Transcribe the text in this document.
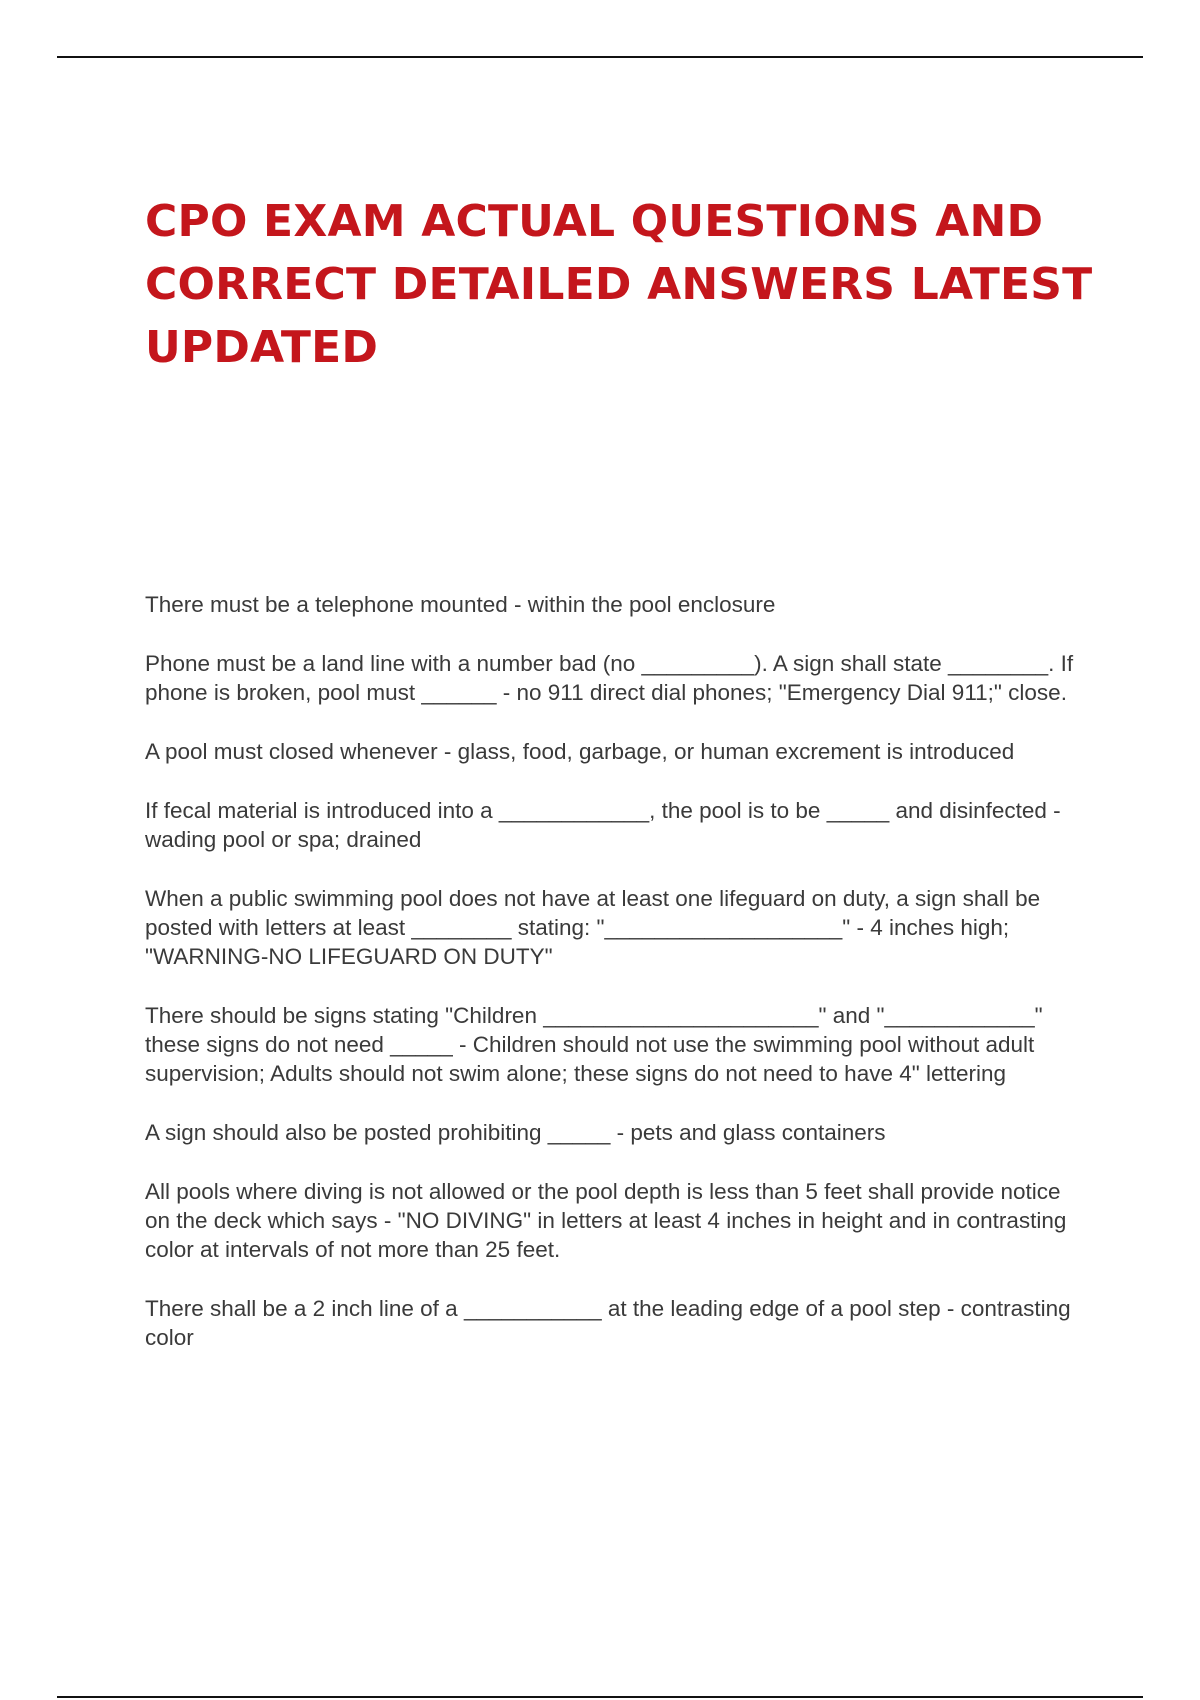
CPO EXAM ACTUAL QUESTIONS AND CORRECT DETAILED ANSWERS LATEST UPDATED
There must be a telephone mounted - within the pool enclosure
Phone must be a land line with a number bad (no _________). A sign shall state ________. If phone is broken, pool must ______ - no 911 direct dial phones; "Emergency Dial 911;" close.
A pool must closed whenever - glass, food, garbage, or human excrement is introduced
If fecal material is introduced into a ____________, the pool is to be _____ and disinfected - wading pool or spa; drained
When a public swimming pool does not have at least one lifeguard on duty, a sign shall be posted with letters at least ________ stating: "___________________" - 4 inches high; "WARNING-NO LIFEGUARD ON DUTY"
There should be signs stating "Children ______________________" and "____________" these signs do not need _____ - Children should not use the swimming pool without adult supervision; Adults should not swim alone; these signs do not need to have 4" lettering
A sign should also be posted prohibiting _____ - pets and glass containers
All pools where diving is not allowed or the pool depth is less than 5 feet shall provide notice on the deck which says - "NO DIVING" in letters at least 4 inches in height and in contrasting color at intervals of not more than 25 feet.
There shall be a 2 inch line of a ___________ at the leading edge of a pool step - contrasting color
